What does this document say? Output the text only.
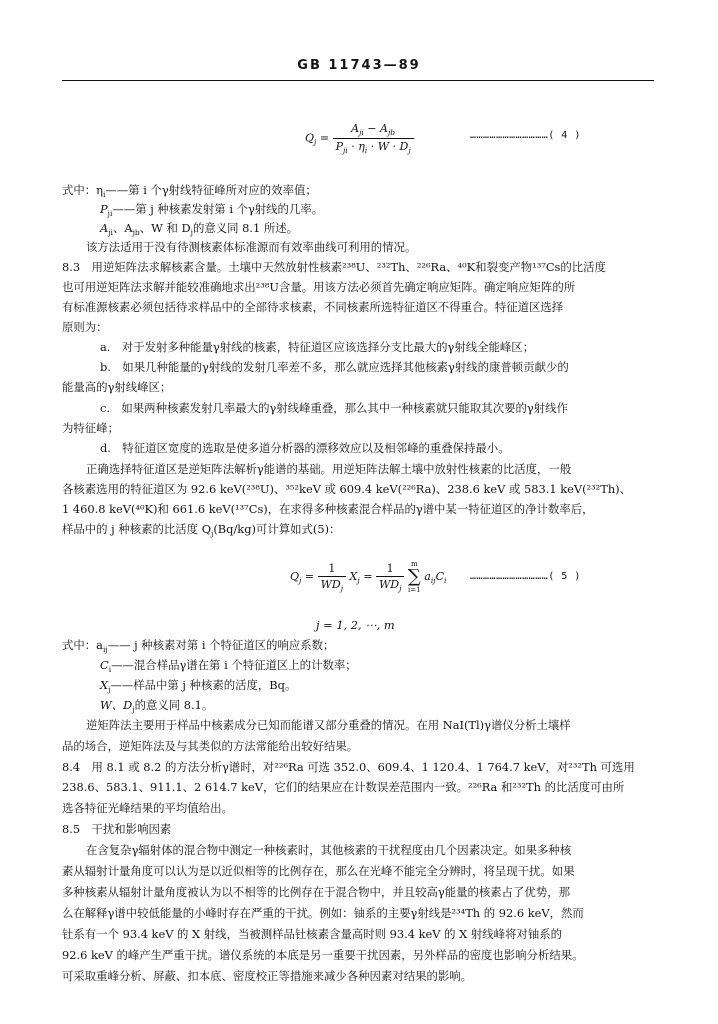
GB 11743—89
$Q_j = \frac{A_{ji} - A_{jb}}{P_{ji} \cdot \eta_i \cdot W \cdot D_j}$	………………………………( 4 )
式中：$\eta_i——$第 i 个γ射线特征峰所对应的效率值；
$P_{ji}——$第 j 种核素发射第 i 个γ射线的几率。
$A_{ji}$、$A_{jb}$、W 和 $D_j$的意义同 8.1 所述。
该方法适用于没有待测核素体标准源而有效率曲线可利用的情况。
8.3　用逆矩阵法求解核素含量。土壤中天然放射性核素²³⁸U、²³²Th、²²⁶Ra、⁴⁰K和裂变产物¹³⁷Cs的比活度
也可用逆矩阵法求解并能较准确地求出²³⁸U含量。用该方法必须首先确定响应矩阵。确定响应矩阵的所
有标准源核素必须包括待求样品中的全部待求核素，不同核素所选特征道区不得重合。特征道区选择
原则为：
a.　对于发射多种能量γ射线的核素，特征道区应该选择分支比最大的γ射线全能峰区；
b.　如果几种能量的γ射线的发射几率差不多，那么就应选择其他核素γ射线的康普顿贡献少的
能量高的γ射线峰区；
c.　如果两种核素发射几率最大的γ射线峰重叠，那么其中一种核素就只能取其次要的γ射线作
为特征峰；
d.　特征道区宽度的选取是使多道分析器的漂移效应以及相邻峰的重叠保持最小。
正确选择特征道区是逆矩阵法解析γ能谱的基础。用逆矩阵法解土壤中放射性核素的比活度，一般
各核素选用的特征道区为 92.6 keV(²³⁸U)、³⁵²keV 或 609.4 keV(²²⁶Ra)、238.6 keV 或 583.1 keV(²³²Th)、
1 460.8 keV(⁴⁰K)和 661.6 keV(¹³⁷Cs)，在求得多种核素混合样品的γ谱中某一特征道区的净计数率后，
样品中的 j 种核素的比活度 $Q_j(Bq/kg)$可计算如式(5)：
$Q_j = \frac{1}{WD_j} X_j = \frac{1}{WD_j}$
m
∑
i=1
$a_{ij}C_i$ ………………………………( 5 )
j = 1, 2, ⋯, m
式中：$a_{ij}——$ j 种核素对第 i 个特征道区的响应系数；
$C_i——$混合样品γ谱在第 i 个特征道区上的计数率；
$X_j——$样品中第 j 种核素的活度，Bq。
W、$D_j$的意义同 8.1。
逆矩阵法主要用于样品中核素成分已知而能谱又部分重叠的情况。在用 NaI(Tl)γ谱仪分析土壤样
品的场合，逆矩阵法及与其类似的方法常能给出较好结果。
8.4　用 8.1 或 8.2 的方法分析γ谱时，对²²⁶Ra 可选 352.0、609.4、1 120.4、1 764.7 keV，对²³²Th 可选用
238.6、583.1、911.1、2 614.7 keV，它们的结果应在计数误差范围内一致。²²⁶Ra 和²³²Th 的比活度可由所
选各特征光峰结果的平均值给出。
8.5　干扰和影响因素
在含复杂γ辐射体的混合物中测定一种核素时，其他核素的干扰程度由几个因素决定。如果多种核
素从辐射计量角度可以认为是以近似相等的比例存在，那么在光峰不能完全分辨时，将呈现干扰。如果
多种核素从辐射计量角度被认为以不相等的比例存在于混合物中，并且较高γ能量的核素占了优势，那
么在解释γ谱中较低能量的小峰时存在严重的干扰。例如：铀系的主要γ射线是²³⁴Th 的 92.6 keV，然而
钍系有一个 93.4 keV 的 X 射线，当被测样品钍核素含量高时则 93.4 keV 的 X 射线峰将对铀系的
92.6 keV 的峰产生严重干扰。谱仪系统的本底是另一重要干扰因素，另外样品的密度也影响分析结果。
可采取重峰分析、屏蔽、扣本底、密度校正等措施来减少各种因素对结果的影响。
